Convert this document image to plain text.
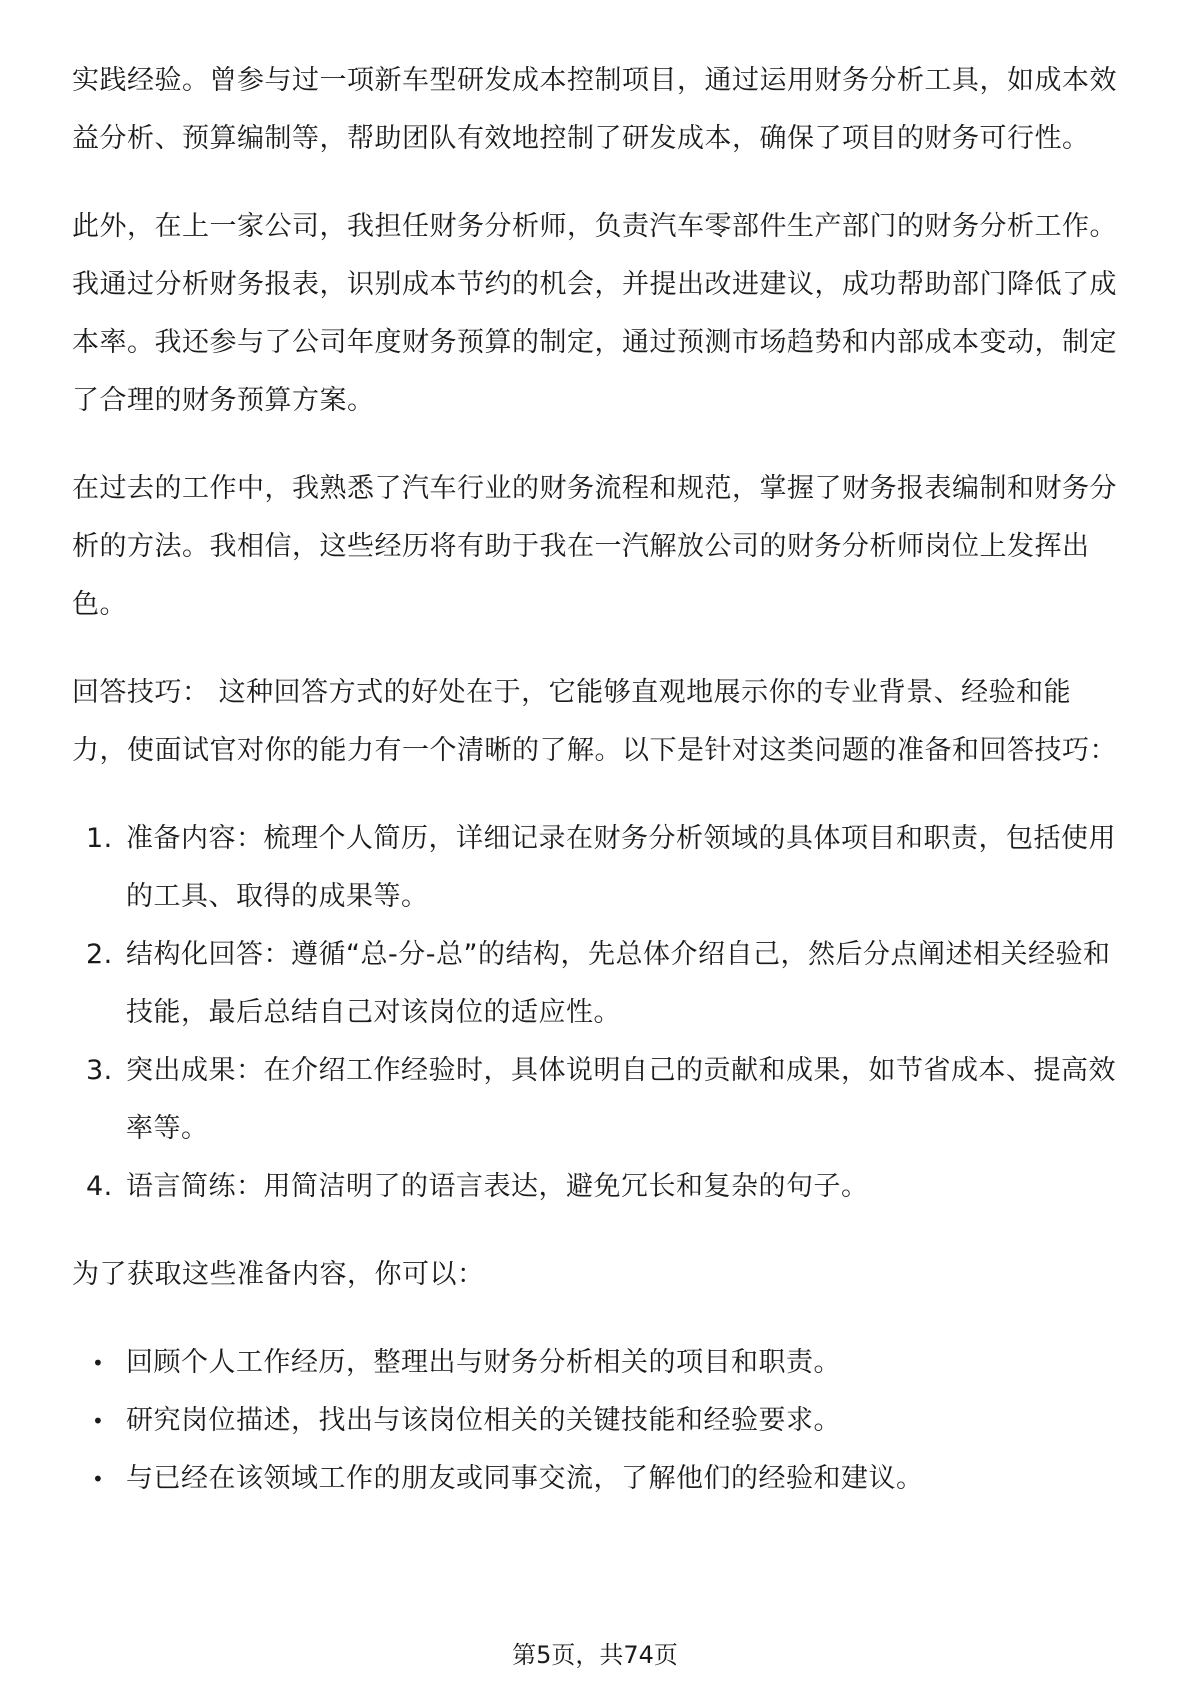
实践经验。曾参与过一项新车型研发成本控制项目，通过运用财务分析工具，如成本效益分析、预算编制等，帮助团队有效地控制了研发成本，确保了项目的财务可行性。

此外，在上一家公司，我担任财务分析师，负责汽车零部件生产部门的财务分析工作。我通过分析财务报表，识别成本节约的机会，并提出改进建议，成功帮助部门降低了成本率。我还参与了公司年度财务预算的制定，通过预测市场趋势和内部成本变动，制定了合理的财务预算方案。

在过去的工作中，我熟悉了汽车行业的财务流程和规范，掌握了财务报表编制和财务分析的方法。我相信，这些经历将有助于我在一汽解放公司的财务分析师岗位上发挥出色。

回答技巧： 这种回答方式的好处在于，它能够直观地展示你的专业背景、经验和能力，使面试官对你的能力有一个清晰的了解。以下是针对这类问题的准备和回答技巧：

1. 准备内容：梳理个人简历，详细记录在财务分析领域的具体项目和职责，包括使用的工具、取得的成果等。
2. 结构化回答：遵循“总-分-总”的结构，先总体介绍自己，然后分点阐述相关经验和技能，最后总结自己对该岗位的适应性。
3. 突出成果：在介绍工作经验时，具体说明自己的贡献和成果，如节省成本、提高效率等。
4. 语言简练：用简洁明了的语言表达，避免冗长和复杂的句子。

为了获取这些准备内容，你可以：

• 回顾个人工作经历，整理出与财务分析相关的项目和职责。
• 研究岗位描述，找出与该岗位相关的关键技能和经验要求。
• 与已经在该领域工作的朋友或同事交流，了解他们的经验和建议。
第5页，共74页
